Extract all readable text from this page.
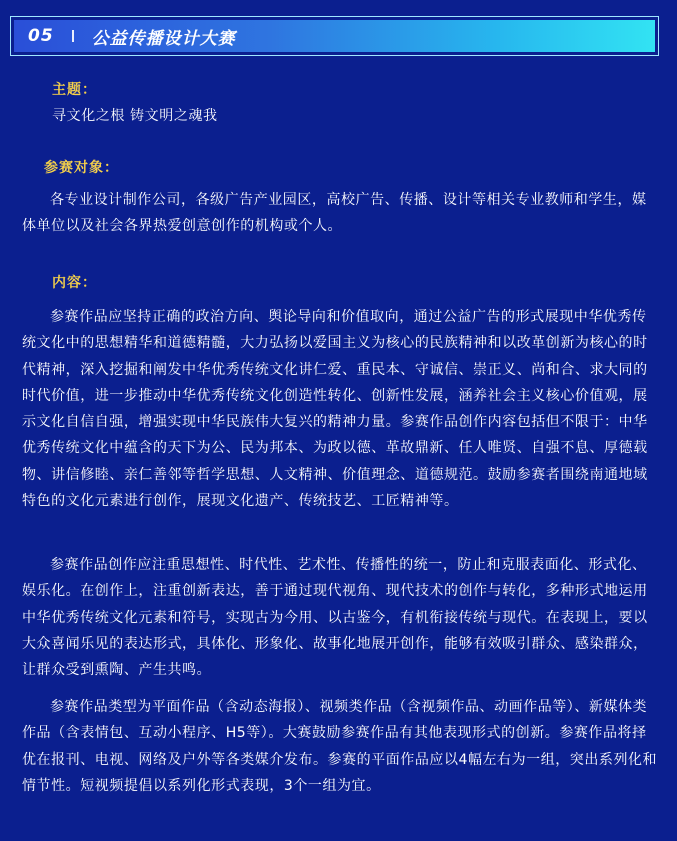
05 公益传播设计大赛
主题：
寻文化之根 铸文明之魂我
参赛对象：

各专业设计制作公司，各级广告产业园区，高校广告、传播、设计等相关专业教师和学生，媒体单位以及社会各界热爱创意创作的机构或个人。

内容：

参赛作品应坚持正确的政治方向、舆论导向和价值取向，通过公益广告的形式展现中华优秀传统文化中的思想精华和道德精髓，大力弘扬以爱国主义为核心的民族精神和以改革创新为核心的时代精神，深入挖掘和阐发中华优秀传统文化讲仁爱、重民本、守诚信、崇正义、尚和合、求大同的时代价值，进一步推动中华优秀传统文化创造性转化、创新性发展，涵养社会主义核心价值观，展示文化自信自强，增强实现中华民族伟大复兴的精神力量。参赛作品创作内容包括但不限于：中华优秀传统文化中蕴含的天下为公、民为邦本、为政以德、革故鼎新、任人唯贤、自强不息、厚德载物、讲信修睦、亲仁善邻等哲学思想、人文精神、价值理念、道德规范。鼓励参赛者围绕南通地域特色的文化元素进行创作，展现文化遗产、传统技艺、工匠精神等。

参赛作品创作应注重思想性、时代性、艺术性、传播性的统一，防止和克服表面化、形式化、娱乐化。在创作上，注重创新表达，善于通过现代视角、现代技术的创作与转化，多种形式地运用中华优秀传统文化元素和符号，实现古为今用、以古鉴今，有机衔接传统与现代。在表现上，要以大众喜闻乐见的表达形式，具体化、形象化、故事化地展开创作，能够有效吸引群众、感染群众，让群众受到熏陶、产生共鸣。

参赛作品类型为平面作品（含动态海报）、视频类作品（含视频作品、动画作品等）、新媒体类作品（含表情包、互动小程序、H5等）。大赛鼓励参赛作品有其他表现形式的创新。参赛作品将择优在报刊、电视、网络及户外等各类媒介发布。参赛的平面作品应以4幅左右为一组，突出系列化和情节性。短视频提倡以系列化形式表现，3个一组为宜。
